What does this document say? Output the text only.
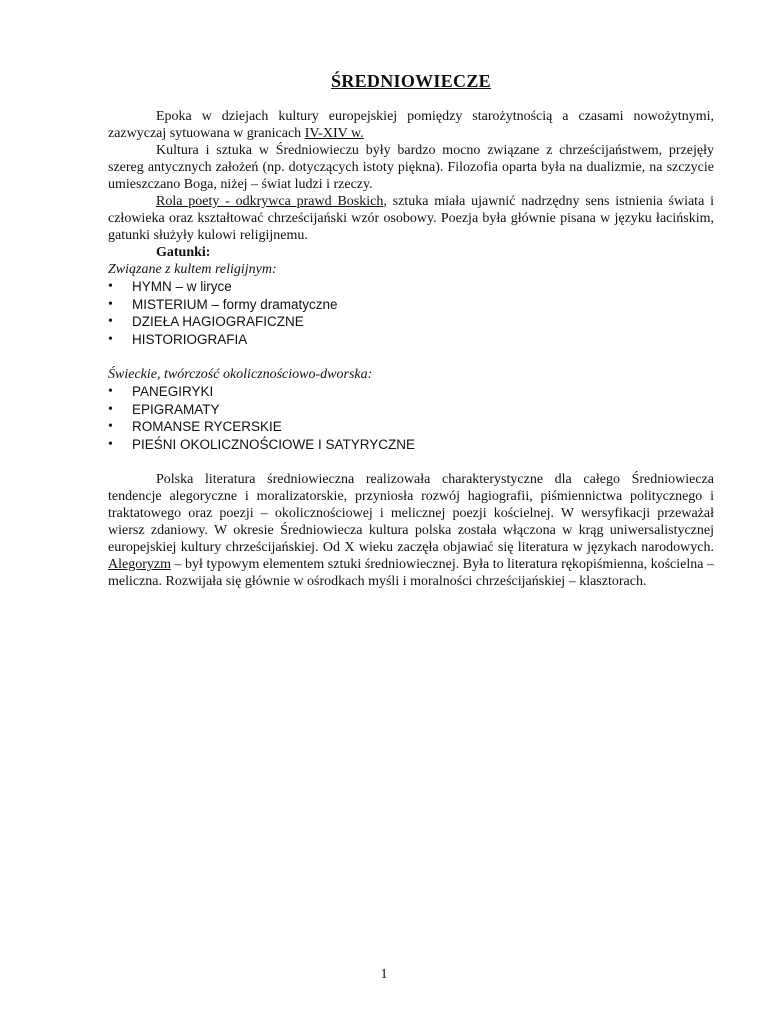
ŚREDNIOWIECZE

Epoka w dziejach kultury europejskiej pomiędzy starożytnością a czasami nowożytnymi, zazwyczaj sytuowana w granicach IV-XIV w.

Kultura i sztuka w Średniowieczu były bardzo mocno związane z chrześcijaństwem, przejęły szereg antycznych założeń (np. dotyczących istoty piękna). Filozofia oparta była na dualizmie, na szczycie umieszczano Boga, niżej – świat ludzi i rzeczy.

Rola poety - odkrywca prawd Boskich, sztuka miała ujawnić nadrzędny sens istnienia świata i człowieka oraz kształtować chrześcijański wzór osobowy. Poezja była głównie pisana w języku łacińskim, gatunki służyły kulowi religijnemu.

Gatunki:

Związane z kultem religijnym:

• HYMN – w liryce
• MISTERIUM – formy dramatyczne
• DZIEŁA HAGIOGRAFICZNE
• HISTORIOGRAFIA

Świeckie, twórczość okolicznościowo-dworska:

• PANEGIRYKI
• EPIGRAMATY
• ROMANSE RYCERSKIE
• PIEŚNI OKOLICZNOŚCIOWE I SATYRYCZNE

Polska literatura średniowieczna realizowała charakterystyczne dla całego Średniowiecza tendencje alegoryczne i moralizatorskie, przyniosła rozwój hagiografii, piśmiennictwa politycznego i traktatowego oraz poezji – okolicznościowej i melicznej poezji kościelnej. W wersyfikacji przeważał wiersz zdaniowy. W okresie Średniowiecza kultura polska została włączona w krąg uniwersalistycznej europejskiej kultury chrześcijańskiej. Od X wieku zaczęła objawiać się literatura w językach narodowych. Alegoryzm – był typowym elementem sztuki średniowiecznej. Była to literatura rękopiśmienna, kościelna – meliczna. Rozwijała się głównie w ośrodkach myśli i moralności chrześcijańskiej – klasztorach.

1
